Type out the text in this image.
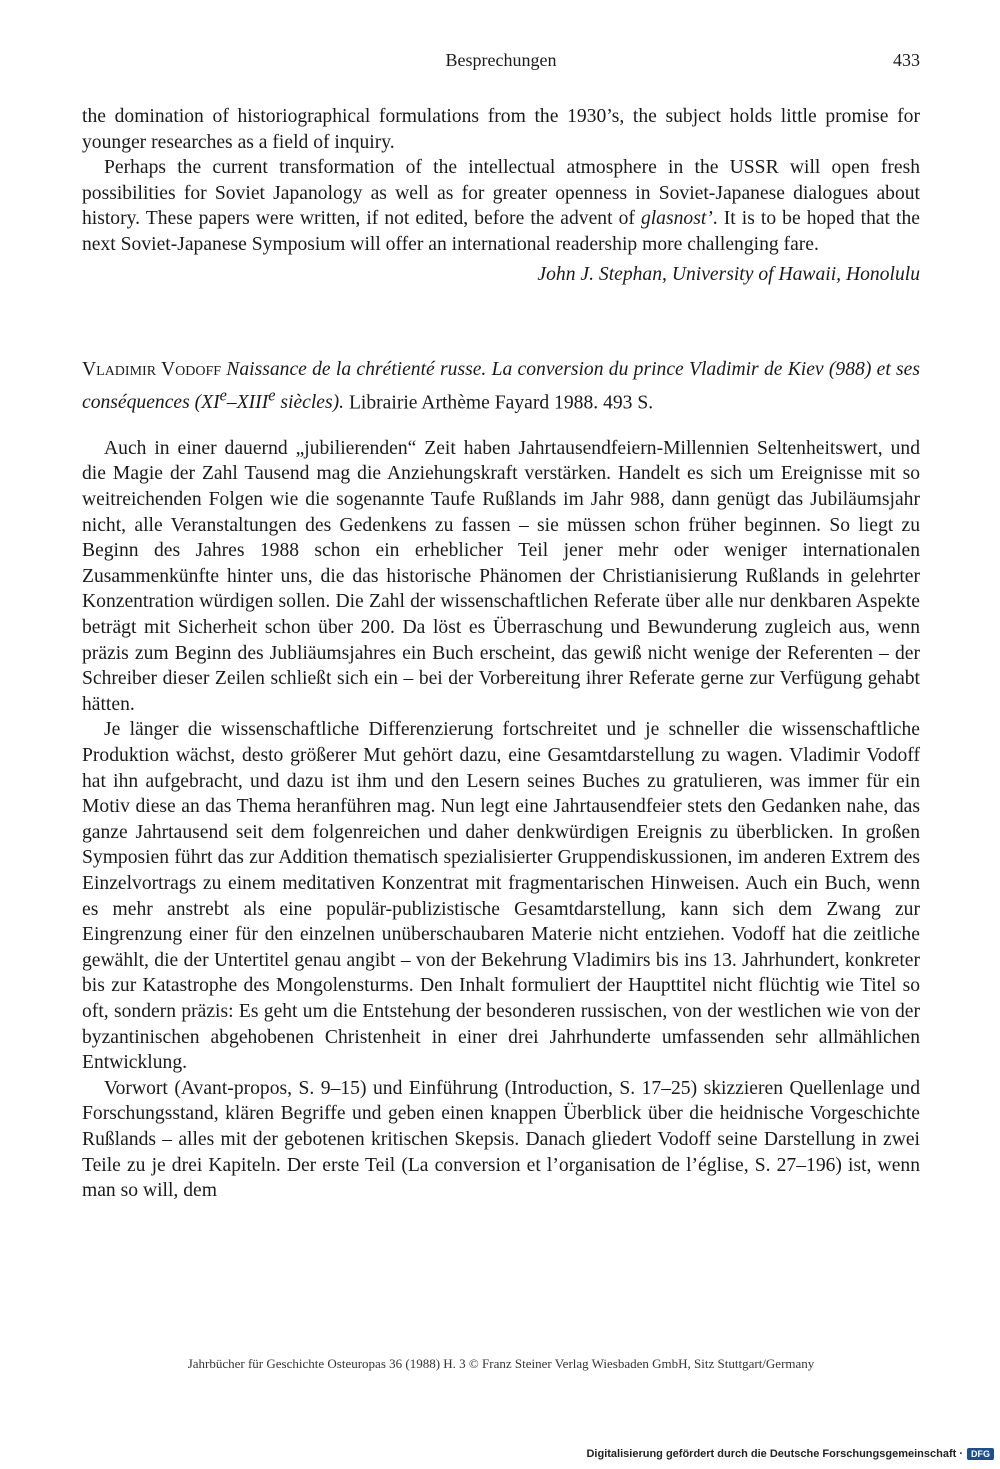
Besprechungen	433

the domination of historiographical formulations from the 1930’s, the subject holds little promise for younger researches as a field of inquiry.

Perhaps the current transformation of the intellectual atmosphere in the USSR will open fresh possibilities for Soviet Japanology as well as for greater openness in Soviet-Japanese dialogues about history. These papers were written, if not edited, before the advent of glasnost’. It is to be hoped that the next Soviet-Japanese Symposium will offer an international readership more challenging fare.

John J. Stephan, University of Hawaii, Honolulu

Vladimir Vodoff Naissance de la chrétienté russe. La conversion du prince Vladimir de Kiev (988) et ses conséquences (XIe–XIIIe siècles). Librairie Arthème Fayard 1988. 493 S.

Auch in einer dauernd „jubilierenden“ Zeit haben Jahrtausendfeiern-Millennien Seltenheitswert, und die Magie der Zahl Tausend mag die Anziehungskraft verstärken. Handelt es sich um Ereignisse mit so weitreichenden Folgen wie die sogenannte Taufe Rußlands im Jahr 988, dann genügt das Jubiläumsjahr nicht, alle Veranstaltungen des Gedenkens zu fassen – sie müssen schon früher beginnen. So liegt zu Beginn des Jahres 1988 schon ein erheblicher Teil jener mehr oder weniger internationalen Zusammenkünfte hinter uns, die das historische Phänomen der Christianisierung Rußlands in gelehrter Konzentration würdigen sollen. Die Zahl der wissenschaftlichen Referate über alle nur denkbaren Aspekte beträgt mit Sicherheit schon über 200. Da löst es Überraschung und Bewunderung zugleich aus, wenn präzis zum Beginn des Jubliäumsjahres ein Buch erscheint, das gewiß nicht wenige der Referenten – der Schreiber dieser Zeilen schließt sich ein – bei der Vorbereitung ihrer Referate gerne zur Verfügung gehabt hätten.

Je länger die wissenschaftliche Differenzierung fortschreitet und je schneller die wissenschaftliche Produktion wächst, desto größerer Mut gehört dazu, eine Gesamtdarstellung zu wagen. Vladimir Vodoff hat ihn aufgebracht, und dazu ist ihm und den Lesern seines Buches zu gratulieren, was immer für ein Motiv diese an das Thema heranführen mag. Nun legt eine Jahrtausendfeier stets den Gedanken nahe, das ganze Jahrtausend seit dem folgenreichen und daher denkwürdigen Ereignis zu überblicken. In großen Symposien führt das zur Addition thematisch spezialisierter Gruppendiskussionen, im anderen Extrem des Einzelvortrags zu einem meditativen Konzentrat mit fragmentarischen Hinweisen. Auch ein Buch, wenn es mehr anstrebt als eine populär-publizistische Gesamtdarstellung, kann sich dem Zwang zur Eingrenzung einer für den einzelnen unüberschaubaren Materie nicht entziehen. Vodoff hat die zeitliche gewählt, die der Untertitel genau angibt – von der Bekehrung Vladimirs bis ins 13. Jahrhundert, konkreter bis zur Katastrophe des Mongolensturms. Den Inhalt formuliert der Haupttitel nicht flüchtig wie Titel so oft, sondern präzis: Es geht um die Entstehung der besonderen russischen, von der westlichen wie von der byzantinischen abgehobenen Christenheit in einer drei Jahrhunderte umfassenden sehr allmählichen Entwicklung.

Vorwort (Avant-propos, S. 9–15) und Einführung (Introduction, S. 17–25) skizzieren Quellenlage und Forschungsstand, klären Begriffe und geben einen knappen Überblick über die heidnische Vorgeschichte Rußlands – alles mit der gebotenen kritischen Skepsis. Danach gliedert Vodoff seine Darstellung in zwei Teile zu je drei Kapiteln. Der erste Teil (La conversion et l’organisation de l’église, S. 27–196) ist, wenn man so will, dem

Jahrbücher für Geschichte Osteuropas 36 (1988) H. 3 © Franz Steiner Verlag Wiesbaden GmbH, Sitz Stuttgart/Germany
Digitalisierung gefördert durch die Deutsche Forschungsgemeinschaft · DFG
